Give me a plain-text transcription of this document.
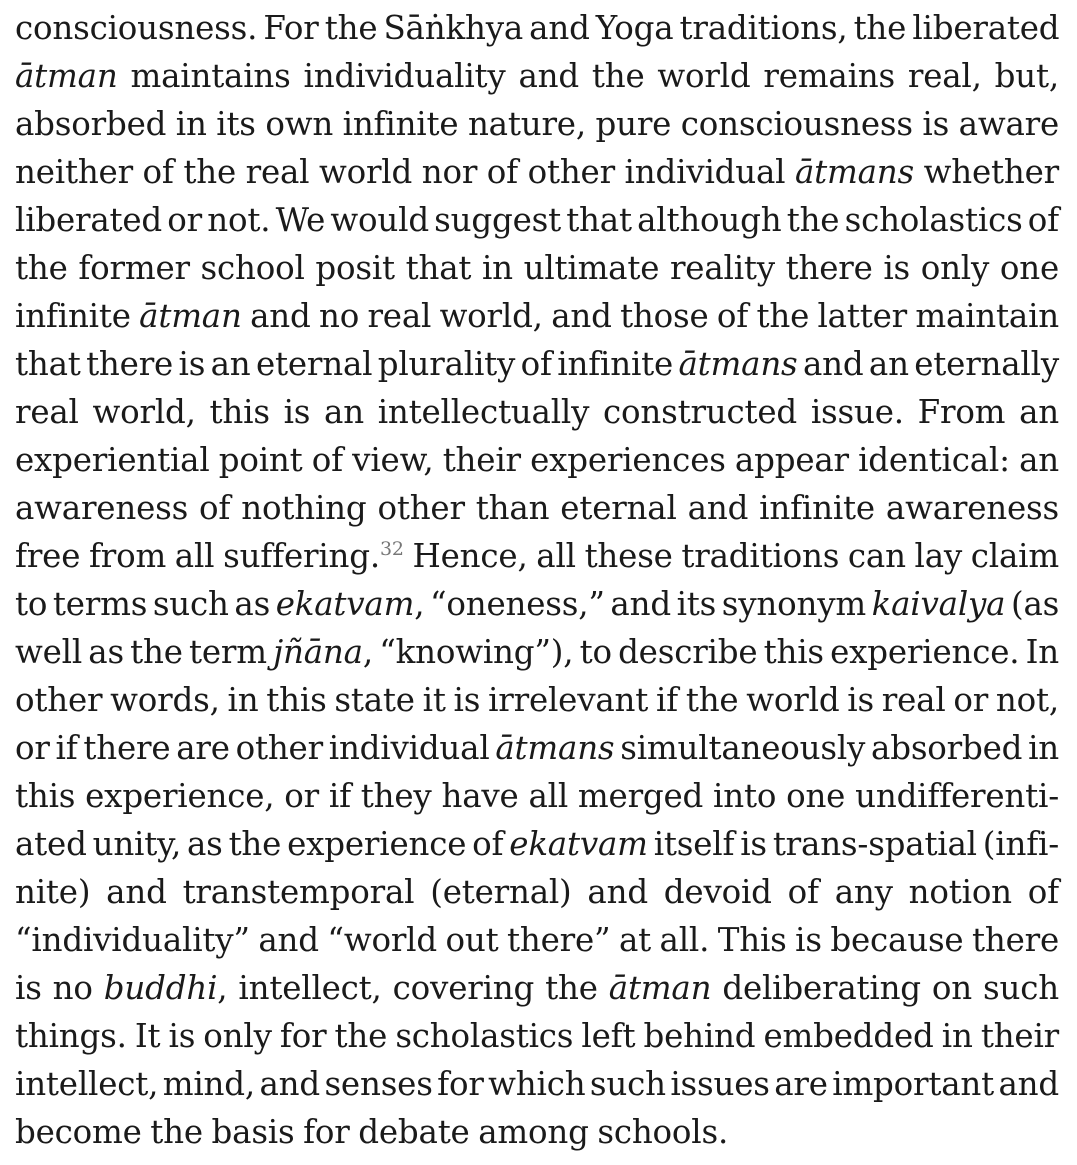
consciousness. For the Sāṅkhya and Yoga traditions, the liberated
ātman maintains individuality and the world remains real, but,
absorbed in its own infinite nature, pure consciousness is aware
neither of the real world nor of other individual ātmans whether
liberated or not. We would suggest that although the scholastics of
the former school posit that in ultimate reality there is only one
infinite ātman and no real world, and those of the latter maintain
that there is an eternal plurality of infinite ātmans and an eternally
real world, this is an intellectually constructed issue. From an
experiential point of view, their experiences appear identical: an
awareness of nothing other than eternal and infinite awareness
free from all suffering.$^{32}$ Hence, all these traditions can lay claim
to terms such as ekatvam, “oneness,” and its synonym kaivalya (as
well as the term jñāna, “knowing”), to describe this experience. In
other words, in this state it is irrelevant if the world is real or not,
or if there are other individual ātmans simultaneously absorbed in
this experience, or if they have all merged into one undifferenti-
ated unity, as the experience of ekatvam itself is trans-spatial (infi-
nite) and transtemporal (eternal) and devoid of any notion of
“individuality” and “world out there” at all. This is because there
is no buddhi, intellect, covering the ātman deliberating on such
things. It is only for the scholastics left behind embedded in their
intellect, mind, and senses for which such issues are important and
become the basis for debate among schools.
